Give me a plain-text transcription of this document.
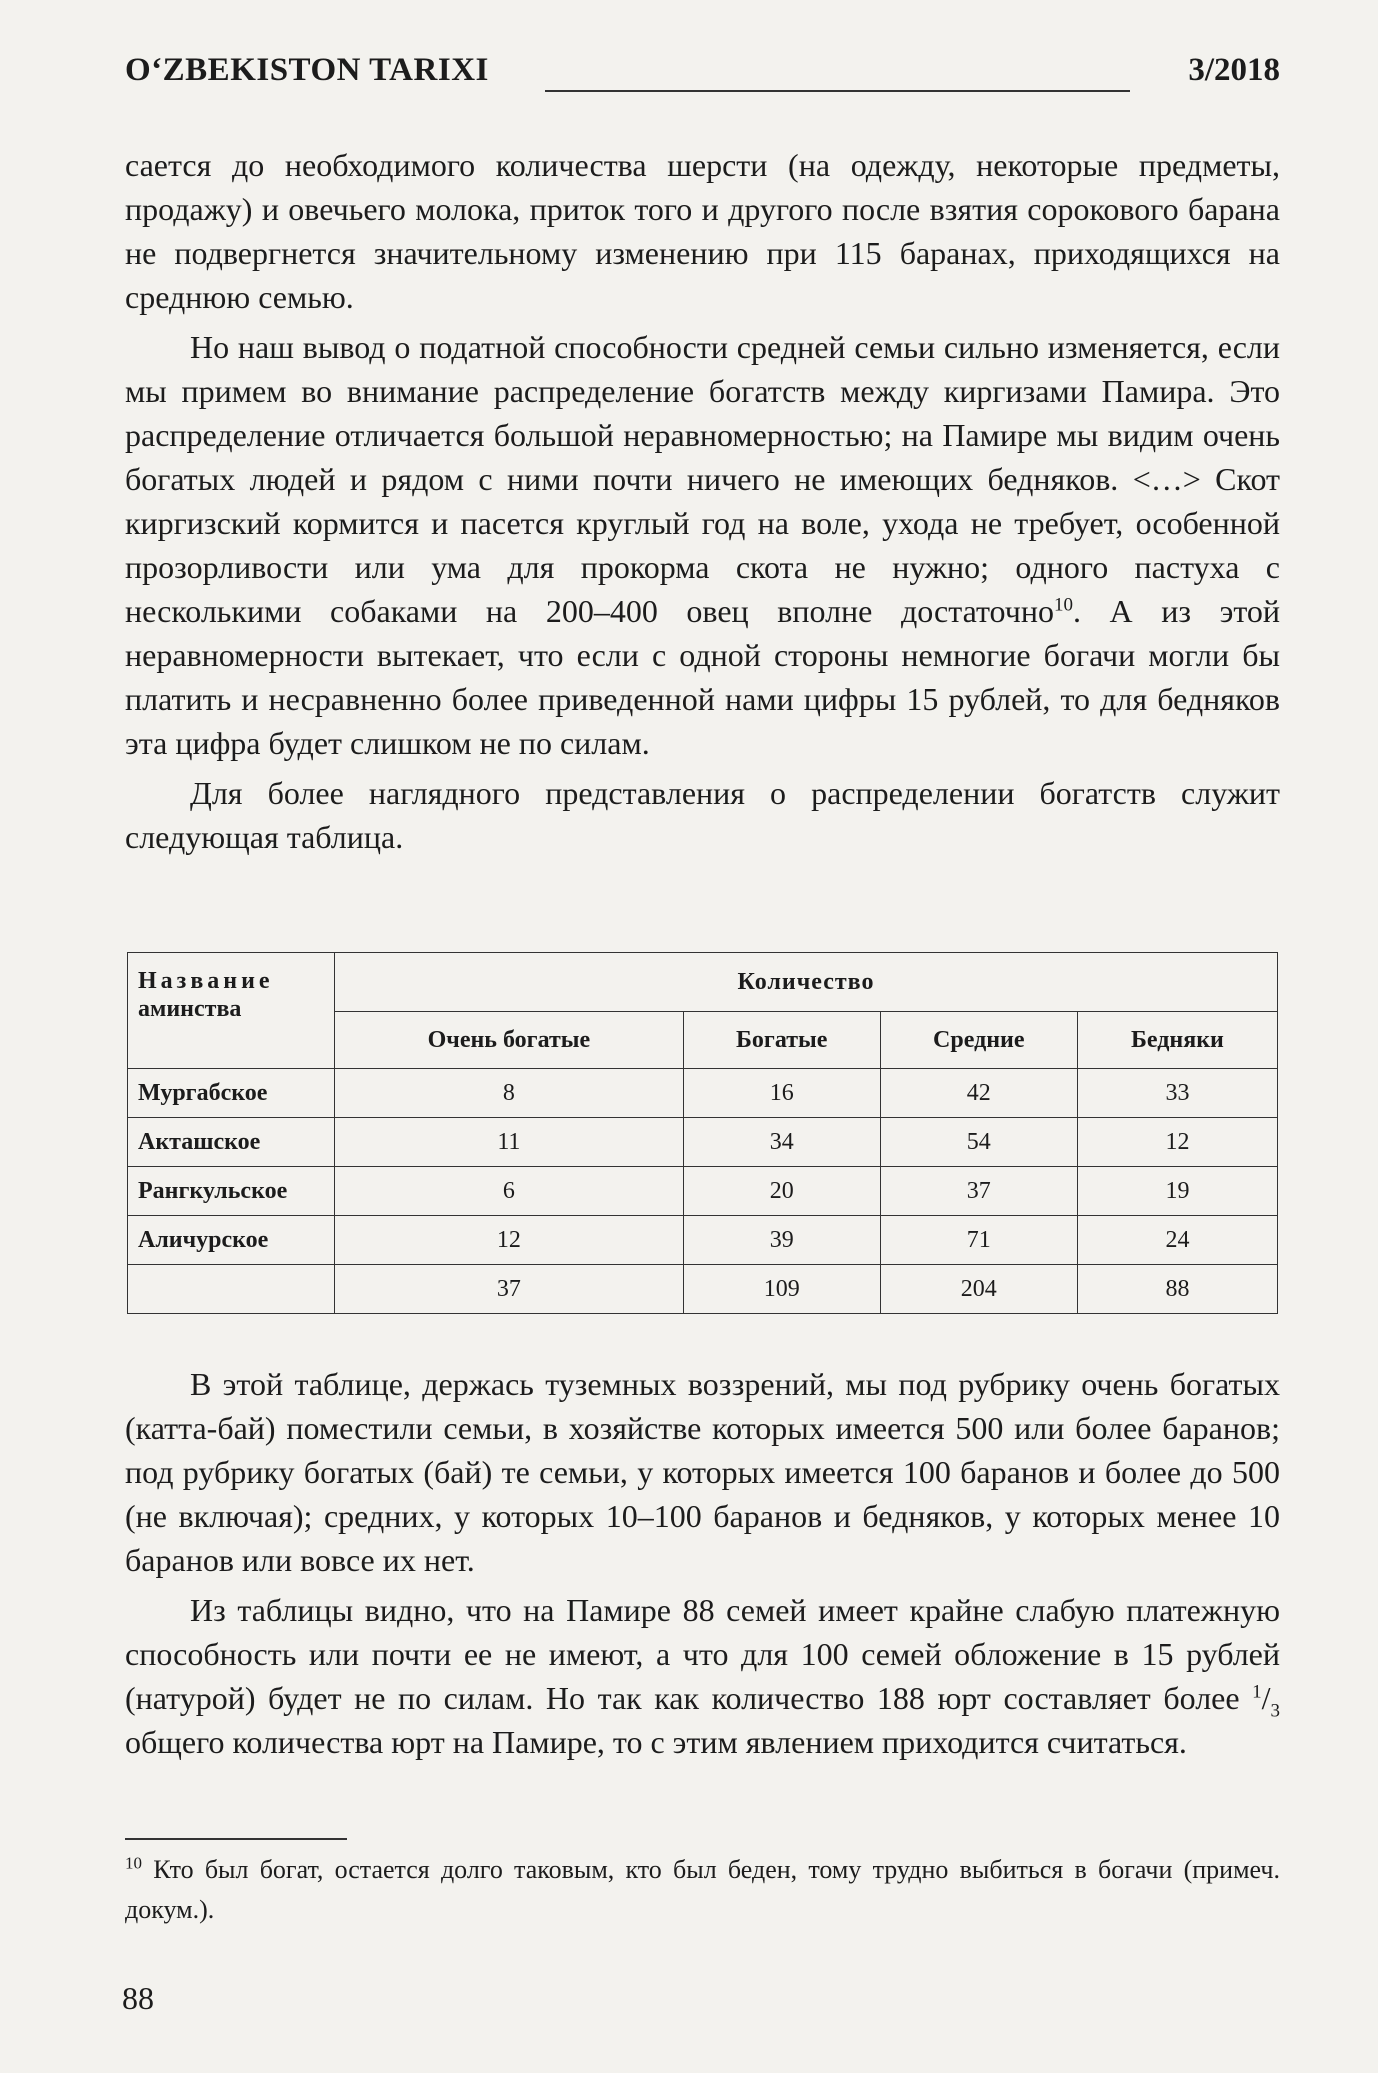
O‘ZBEKISTON TARIXI	3/2018

сается до необходимого количества шерсти (на одежду, некоторые предметы, продажу) и овечьего молока, приток того и другого после взятия сорокового барана не подвергнется значительному изменению при 115 баранах, приходящихся на среднюю семью.

Но наш вывод о податной способности средней семьи сильно изменяется, если мы примем во внимание распределение богатств между киргизами Памира. Это распределение отличается большой неравномерностью; на Памире мы видим очень богатых людей и рядом с ними почти ничего не имеющих бедняков. <…> Скот киргизский кормится и пасется круглый год на воле, ухода не требует, особенной прозорливости или ума для прокорма скота не нужно; одного пастуха с несколькими собаками на 200–400 овец вполне достаточно$^{10}$. А из этой неравномерности вытекает, что если с одной стороны немногие богачи могли бы платить и несравненно более приведенной нами цифры 15 рублей, то для бедняков эта цифра будет слишком не по силам.

Для более наглядного представления о распределении богатств служит следующая таблица.

Название
аминства	Количество			
	Очень богатые	Богатые	Средние	Бедняки
Мургабское	8	16	42	33
Акташское	11	34	54	12
Рангкульское	6	20	37	19
Аличурское	12	39	71	24
	37	109	204	88

В этой таблице, держась туземных воззрений, мы под рубрику очень богатых (катта-бай) поместили семьи, в хозяйстве которых имеется 500 или более баранов; под рубрику богатых (бай) те семьи, у которых имеется 100 баранов и более до 500 (не включая); средних, у которых 10–100 баранов и бедняков, у которых менее 10 баранов или вовсе их нет.

Из таблицы видно, что на Памире 88 семей имеет крайне слабую платежную способность или почти ее не имеют, а что для 100 семей обложение в 15 рублей (натурой) будет не по силам. Но так как количество 188 юрт составляет более $^1/_3$ общего количества юрт на Памире, то с этим явлением приходится считаться.

$^{10}$ Кто был богат, остается долго таковым, кто был беден, тому трудно выбиться в богачи (примеч. докум.).
88
